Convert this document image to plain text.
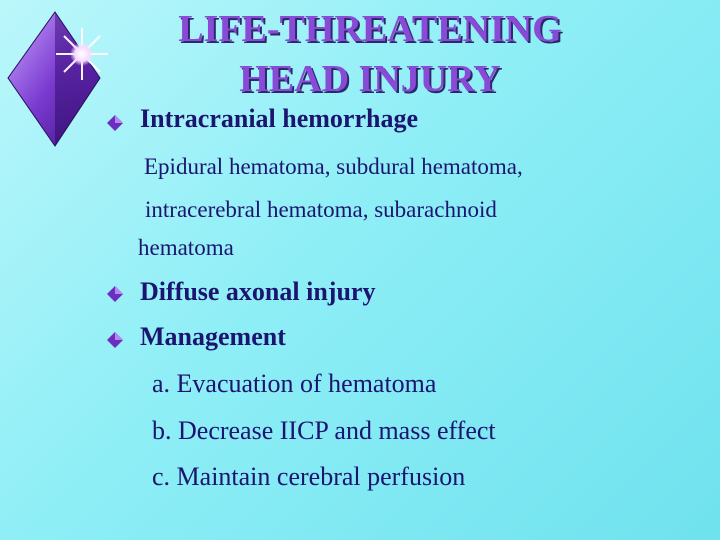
LIFE-THREATENING
HEAD INJURY
Intracranial hemorrhage
Epidural hematoma, subdural hematoma,
intracerebral hematoma, subarachnoid
hematoma
Diffuse axonal injury
Management
a. Evacuation of hematoma
b. Decrease IICP and mass effect
c. Maintain cerebral perfusion
